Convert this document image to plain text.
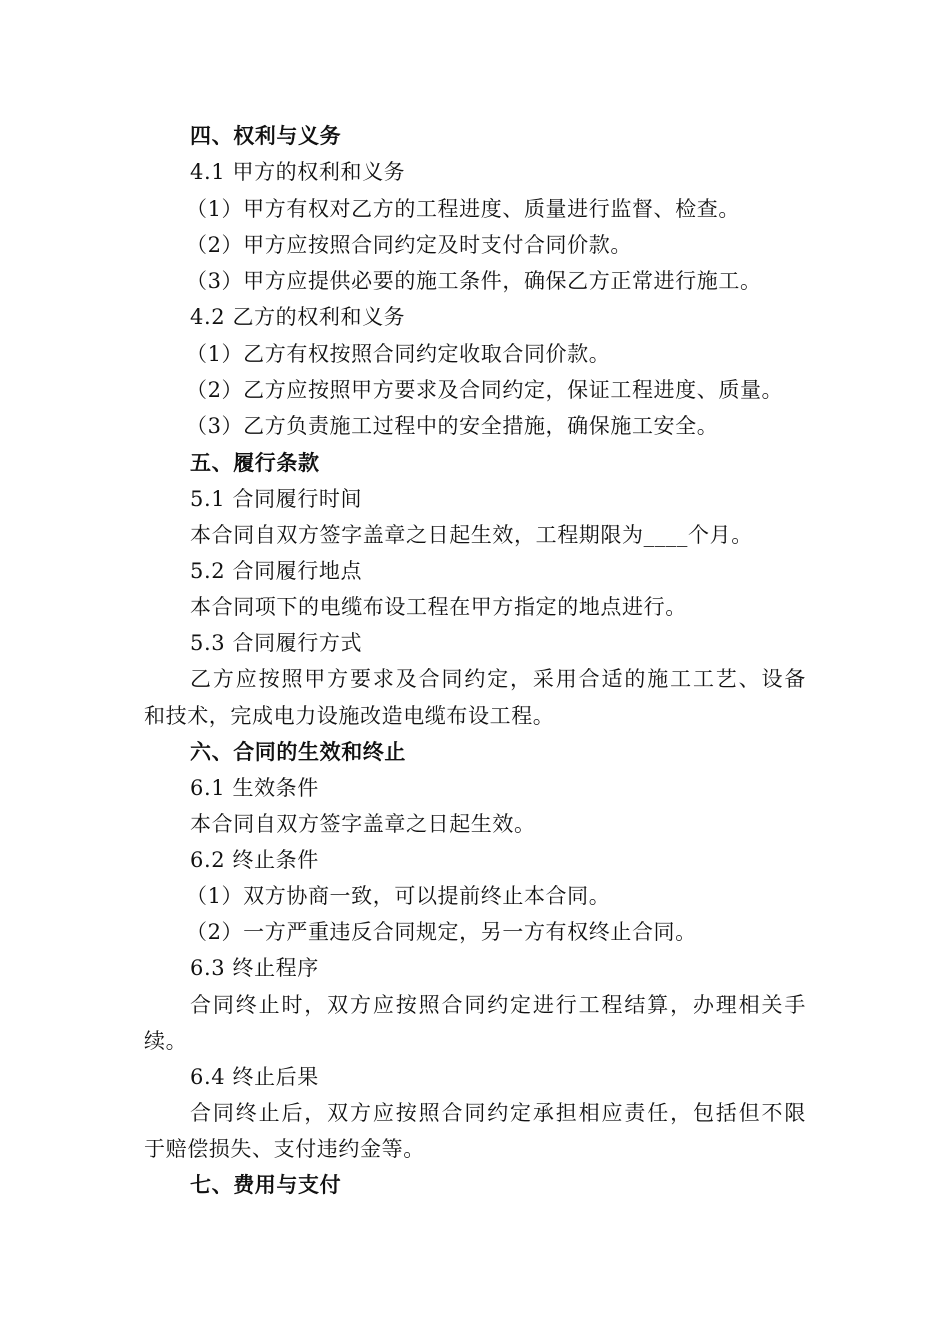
四、权利与义务
4.1 甲方的权利和义务
（1）甲方有权对乙方的工程进度、质量进行监督、检查。
（2）甲方应按照合同约定及时支付合同价款。
（3）甲方应提供必要的施工条件，确保乙方正常进行施工。
4.2 乙方的权利和义务
（1）乙方有权按照合同约定收取合同价款。
（2）乙方应按照甲方要求及合同约定，保证工程进度、质量。
（3）乙方负责施工过程中的安全措施，确保施工安全。
五、履行条款
5.1 合同履行时间
本合同自双方签字盖章之日起生效，工程期限为____个月。
5.2 合同履行地点
本合同项下的电缆布设工程在甲方指定的地点进行。
5.3 合同履行方式
乙方应按照甲方要求及合同约定，采用合适的施工工艺、设备
和技术，完成电力设施改造电缆布设工程。
六、合同的生效和终止
6.1 生效条件
本合同自双方签字盖章之日起生效。
6.2 终止条件
（1）双方协商一致，可以提前终止本合同。
（2）一方严重违反合同规定，另一方有权终止合同。
6.3 终止程序
合同终止时，双方应按照合同约定进行工程结算，办理相关手
续。
6.4 终止后果
合同终止后，双方应按照合同约定承担相应责任，包括但不限
于赔偿损失、支付违约金等。
七、费用与支付
